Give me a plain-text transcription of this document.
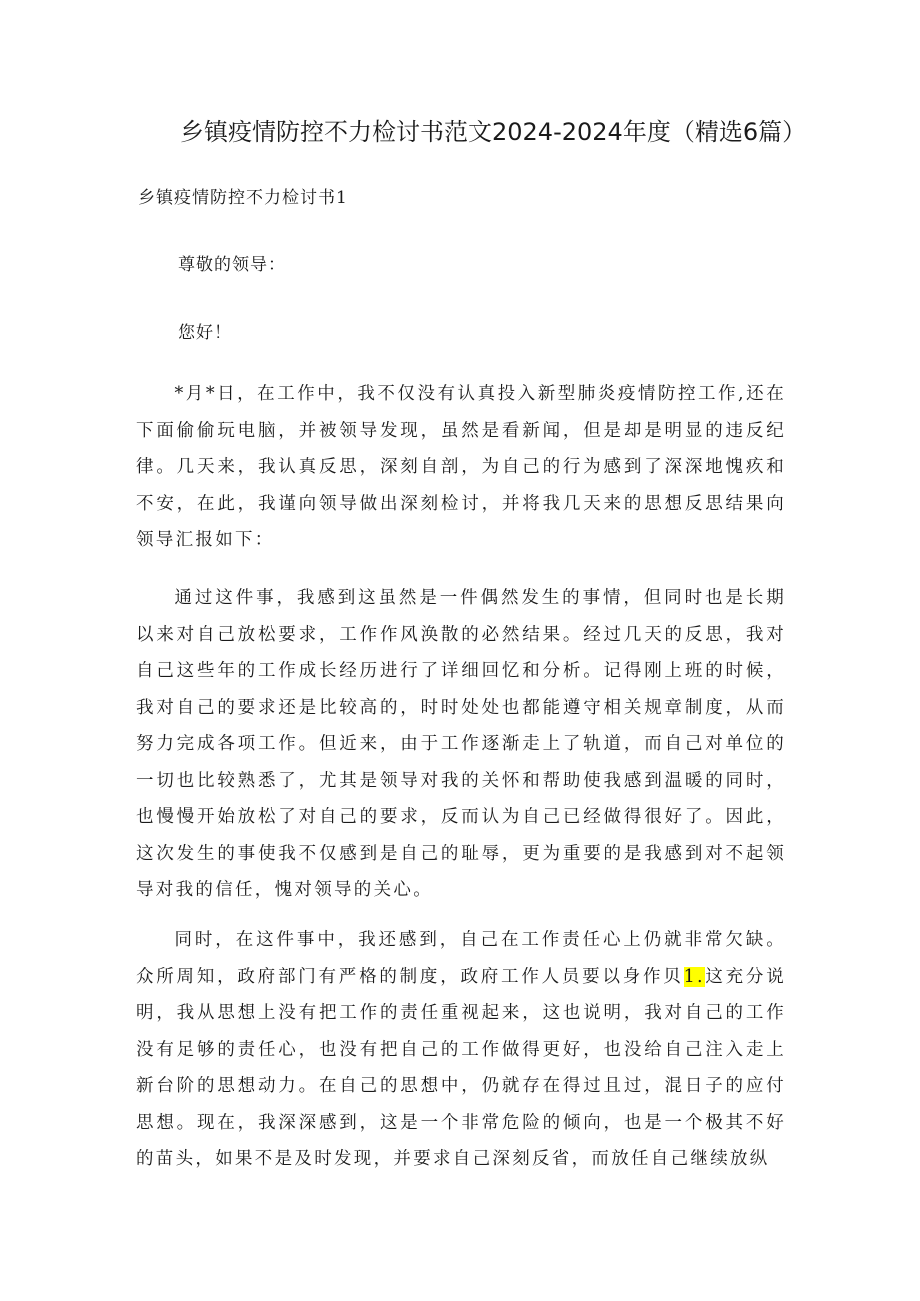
乡镇疫情防控不力检讨书范文2024-2024年度（精选6篇）
乡镇疫情防控不力检讨书1
尊敬的领导：
您好！

*月*日，在工作中，我不仅没有认真投入新型肺炎疫情防控工作,还在下面偷偷玩电脑，并被领导发现，虽然是看新闻，但是却是明显的违反纪律。几天来，我认真反思，深刻自剖，为自己的行为感到了深深地愧疚和不安，在此，我谨向领导做出深刻检讨，并将我几天来的思想反思结果向领导汇报如下：

通过这件事，我感到这虽然是一件偶然发生的事情，但同时也是长期以来对自己放松要求，工作作风涣散的必然结果。经过几天的反思，我对自己这些年的工作成长经历进行了详细回忆和分析。记得刚上班的时候，我对自己的要求还是比较高的，时时处处也都能遵守相关规章制度，从而努力完成各项工作。但近来，由于工作逐渐走上了轨道，而自己对单位的一切也比较熟悉了，尤其是领导对我的关怀和帮助使我感到温暖的同时，也慢慢开始放松了对自己的要求，反而认为自己已经做得很好了。因此，这次发生的事使我不仅感到是自己的耻辱，更为重要的是我感到对不起领导对我的信任，愧对领导的关心。

同时，在这件事中，我还感到，自己在工作责任心上仍就非常欠缺。众所周知，政府部门有严格的制度，政府工作人员要以身作贝1.这充分说明，我从思想上没有把工作的责任重视起来，这也说明，我对自己的工作没有足够的责任心，也没有把自己的工作做得更好，也没给自己注入走上新台阶的思想动力。在自己的思想中，仍就存在得过且过，混日子的应付思想。现在，我深深感到，这是一个非常危险的倾向，也是一个极其不好的苗头，如果不是及时发现，并要求自己深刻反省，而放任自己继续放纵
